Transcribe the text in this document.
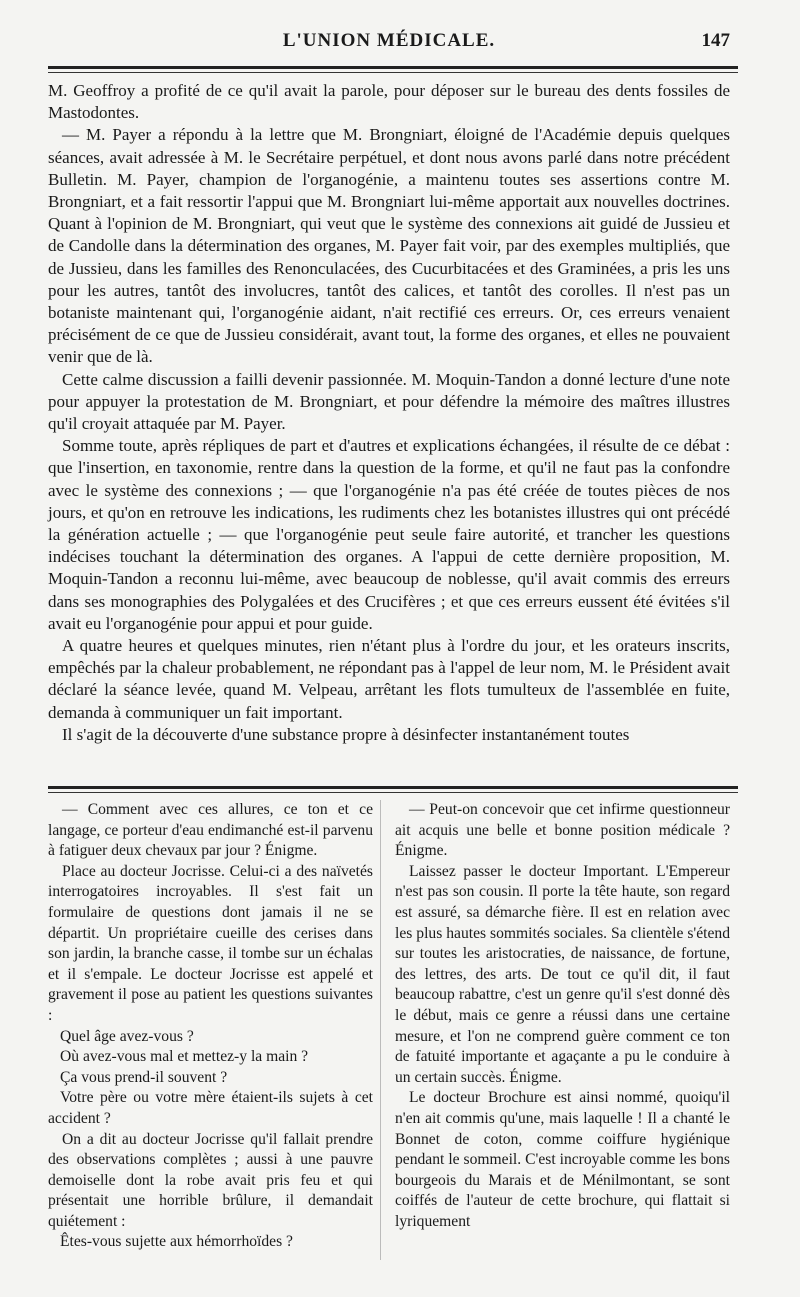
L'UNION MÉDICALE.	147

M. Geoffroy a profité de ce qu'il avait la parole, pour déposer sur le bureau des dents fossiles de Mastodontes.

— M. Payer a répondu à la lettre que M. Brongniart, éloigné de l'Académie depuis quelques séances, avait adressée à M. le Secrétaire perpétuel, et dont nous avons parlé dans notre précédent Bulletin. M. Payer, champion de l'organogénie, a maintenu toutes ses assertions contre M. Brongniart, et a fait ressortir l'appui que M. Brongniart lui-même apportait aux nouvelles doctrines. Quant à l'opinion de M. Brongniart, qui veut que le système des connexions ait guidé de Jussieu et de Candolle dans la détermination des organes, M. Payer fait voir, par des exemples multipliés, que de Jussieu, dans les familles des Renonculacées, des Cucurbitacées et des Graminées, a pris les uns pour les autres, tantôt des involucres, tantôt des calices, et tantôt des corolles. Il n'est pas un botaniste maintenant qui, l'organogénie aidant, n'ait rectifié ces erreurs. Or, ces erreurs venaient précisément de ce que de Jussieu considérait, avant tout, la forme des organes, et elles ne pouvaient venir que de là.

Cette calme discussion a failli devenir passionnée. M. Moquin-Tandon a donné lecture d'une note pour appuyer la protestation de M. Brongniart, et pour défendre la mémoire des maîtres illustres qu'il croyait attaquée par M. Payer.

Somme toute, après répliques de part et d'autres et explications échangées, il résulte de ce débat : que l'insertion, en taxonomie, rentre dans la question de la forme, et qu'il ne faut pas la confondre avec le système des connexions ; — que l'organogénie n'a pas été créée de toutes pièces de nos jours, et qu'on en retrouve les indications, les rudiments chez les botanistes illustres qui ont précédé la génération actuelle ; — que l'organogénie peut seule faire autorité, et trancher les questions indécises touchant la détermination des organes. A l'appui de cette dernière proposition, M. Moquin-Tandon a reconnu lui-même, avec beaucoup de noblesse, qu'il avait commis des erreurs dans ses monographies des Polygalées et des Crucifères ; et que ces erreurs eussent été évitées s'il avait eu l'organogénie pour appui et pour guide.

A quatre heures et quelques minutes, rien n'étant plus à l'ordre du jour, et les orateurs inscrits, empêchés par la chaleur probablement, ne répondant pas à l'appel de leur nom, M. le Président avait déclaré la séance levée, quand M. Velpeau, arrêtant les flots tumulteux de l'assemblée en fuite, demanda à communiquer un fait important.

Il s'agit de la découverte d'une substance propre à désinfecter instantanément toutes

— Comment avec ces allures, ce ton et ce langage, ce porteur d'eau endimanché est-il parvenu à fatiguer deux chevaux par jour ? Énigme.

Place au docteur Jocrisse. Celui-ci a des naïvetés interrogatoires incroyables. Il s'est fait un formulaire de questions dont jamais il ne se départit. Un propriétaire cueille des cerises dans son jardin, la branche casse, il tombe sur un échalas et il s'empale. Le docteur Jocrisse est appelé et gravement il pose au patient les questions suivantes :

Quel âge avez-vous ?

Où avez-vous mal et mettez-y la main ?

Ça vous prend-il souvent ?

Votre père ou votre mère étaient-ils sujets à cet accident ?

On a dit au docteur Jocrisse qu'il fallait prendre des observations complètes ; aussi à une pauvre demoiselle dont la robe avait pris feu et qui présentait une horrible brûlure, il demandait quiétement :

Êtes-vous sujette aux hémorrhoïdes ?

— Peut-on concevoir que cet infirme questionneur ait acquis une belle et bonne position médicale ? Énigme.

Laissez passer le docteur Important. L'Empereur n'est pas son cousin. Il porte la tête haute, son regard est assuré, sa démarche fière. Il est en relation avec les plus hautes sommités sociales. Sa clientèle s'étend sur toutes les aristocraties, de naissance, de fortune, des lettres, des arts. De tout ce qu'il dit, il faut beaucoup rabattre, c'est un genre qu'il s'est donné dès le début, mais ce genre a réussi dans une certaine mesure, et l'on ne comprend guère comment ce ton de fatuité importante et agaçante a pu le conduire à un certain succès. Énigme.

Le docteur Brochure est ainsi nommé, quoiqu'il n'en ait commis qu'une, mais laquelle ! Il a chanté le Bonnet de coton, comme coiffure hygiénique pendant le sommeil. C'est incroyable comme les bons bourgeois du Marais et de Ménilmontant, se sont coiffés de l'auteur de cette brochure, qui flattait si lyriquement
